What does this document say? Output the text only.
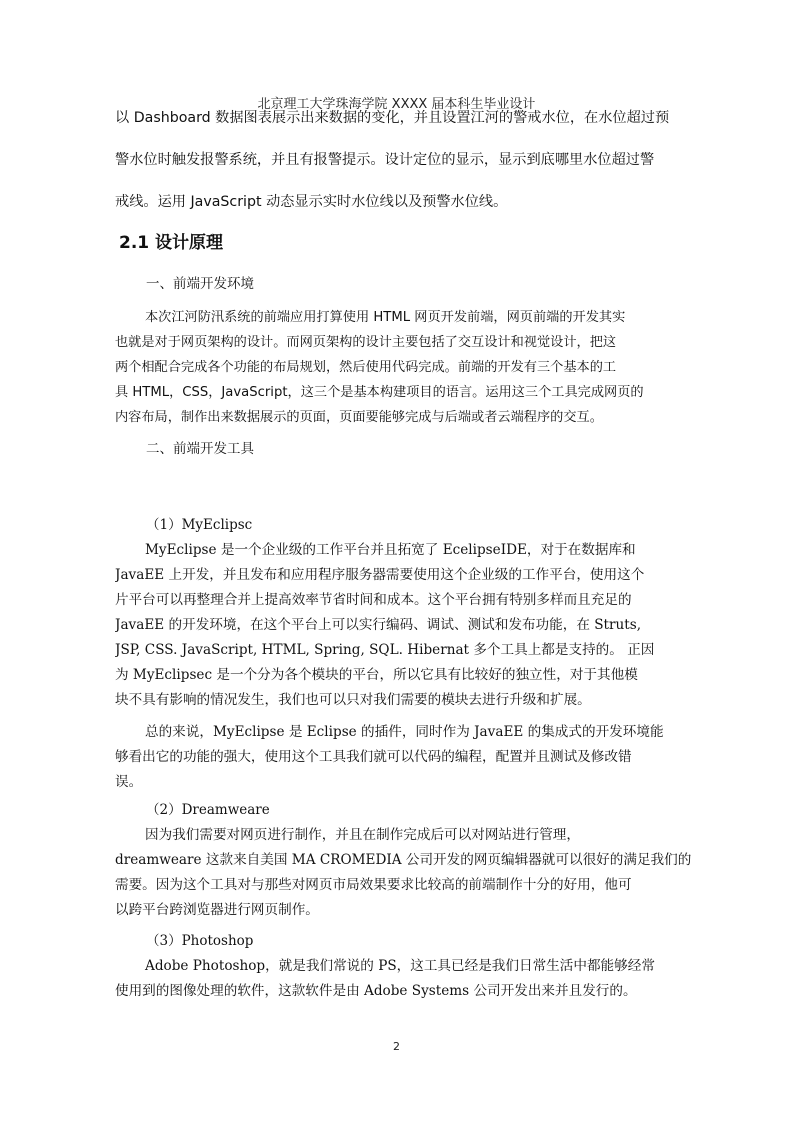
北京理工大学珠海学院 XXXX 届本科生毕业设计
以 Dashboard 数据图表展示出来数据的变化，并且设置江河的警戒水位，在水位超过预
警水位时触发报警系统，并且有报警提示。设计定位的显示，显示到底哪里水位超过警
戒线。运用 JavaScript 动态显示实时水位线以及预警水位线。
2.1 设计原理
一、前端开发环境
本次江河防汛系统的前端应用打算使用 HTML 网页开发前端，网页前端的开发其实
也就是对于网页架构的设计。而网页架构的设计主要包括了交互设计和视觉设计，把这
两个相配合完成各个功能的布局规划，然后使用代码完成。前端的开发有三个基本的工
具 HTML，CSS，JavaScript，这三个是基本构建项目的语言。运用这三个工具完成网页的
内容布局，制作出来数据展示的页面，页面要能够完成与后端或者云端程序的交互。
二、前端开发工具
（1）MyEclipsc
MyEclipse 是一个企业级的工作平台并且拓宽了 EcelipseIDE，对于在数据库和
JavaEE 上开发，并且发布和应用程序服务器需要使用这个企业级的工作平台，使用这个
片平台可以再整理合并上提高效率节省时间和成本。这个平台拥有特别多样而且充足的
JavaEE 的开发环境，在这个平台上可以实行编码、调试、测试和发布功能，在 Struts,
JSP, CSS. JavaScript, HTML, Spring, SQL. Hibernat 多个工具上都是支持的。 正因
为 MyEclipsec 是一个分为各个模块的平台，所以它具有比较好的独立性，对于其他模
块不具有影响的情况发生，我们也可以只对我们需要的模块去进行升级和扩展。
总的来说，MyEclipse 是 Eclipse 的插件，同时作为 JavaEE 的集成式的开发环境能
够看出它的功能的强大，使用这个工具我们就可以代码的编程，配置并且测试及修改错
误。
（2）Dreamweare
因为我们需要对网页进行制作，并且在制作完成后可以对网站进行管理，
dreamweare 这款来自美国 MA CROMEDIA 公司开发的网页编辑器就可以很好的满足我们的
需要。因为这个工具对与那些对网页市局效果要求比较高的前端制作十分的好用，他可
以跨平台跨浏览器进行网页制作。
（3）Photoshop
Adobe Photoshop，就是我们常说的 PS，这工具已经是我们日常生活中都能够经常
使用到的图像处理的软件，这款软件是由 Adobe Systems 公司开发出来并且发行的。
2
